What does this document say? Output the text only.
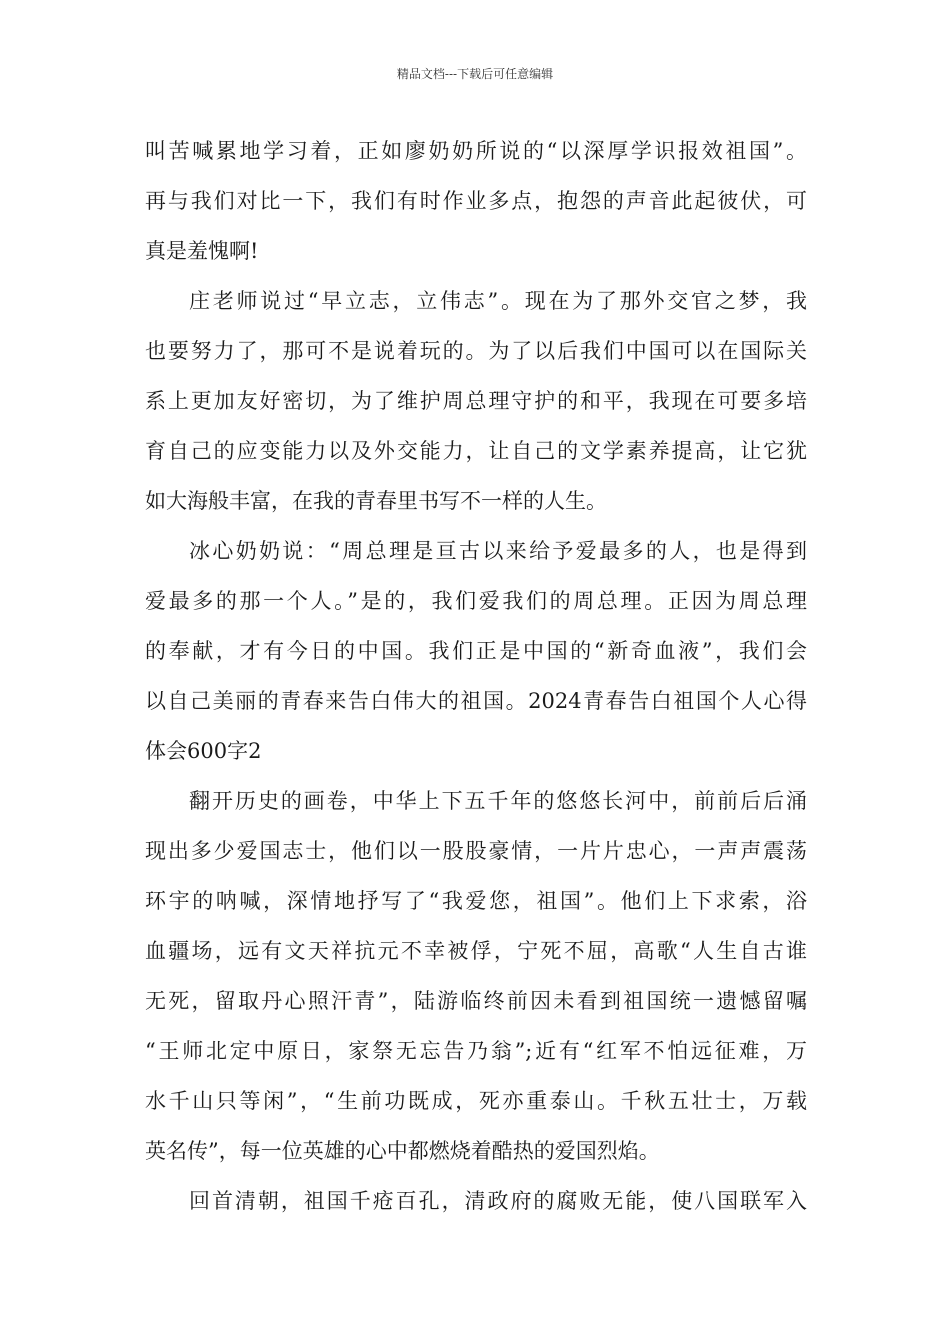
精品文档---下载后可任意编辑
叫苦喊累地学习着，正如廖奶奶所说的“以深厚学识报效祖国”。
再与我们对比一下，我们有时作业多点，抱怨的声音此起彼伏，可
真是羞愧啊!
庄老师说过“早立志，立伟志”。现在为了那外交官之梦，我
也要努力了，那可不是说着玩的。为了以后我们中国可以在国际关
系上更加友好密切，为了维护周总理守护的和平，我现在可要多培
育自己的应变能力以及外交能力，让自己的文学素养提高，让它犹
如大海般丰富，在我的青春里书写不一样的人生。
冰心奶奶说：“周总理是亘古以来给予爱最多的人，也是得到
爱最多的那一个人。”是的，我们爱我们的周总理。正因为周总理
的奉献，才有今日的中国。我们正是中国的“新奇血液”，我们会
以自己美丽的青春来告白伟大的祖国。2024青春告白祖国个人心得
体会600字2
翻开历史的画卷，中华上下五千年的悠悠长河中，前前后后涌
现出多少爱国志士，他们以一股股豪情，一片片忠心，一声声震荡
环宇的呐喊，深情地抒写了“我爱您，祖国”。他们上下求索，浴
血疆场，远有文天祥抗元不幸被俘，宁死不屈，高歌“人生自古谁
无死，留取丹心照汗青”，陆游临终前因未看到祖国统一遗憾留嘱
“王师北定中原日，家祭无忘告乃翁”;近有“红军不怕远征难，万
水千山只等闲”，“生前功既成，死亦重泰山。千秋五壮士，万载
英名传”，每一位英雄的心中都燃烧着酷热的爱国烈焰。
回首清朝，祖国千疮百孔，清政府的腐败无能，使八国联军入
